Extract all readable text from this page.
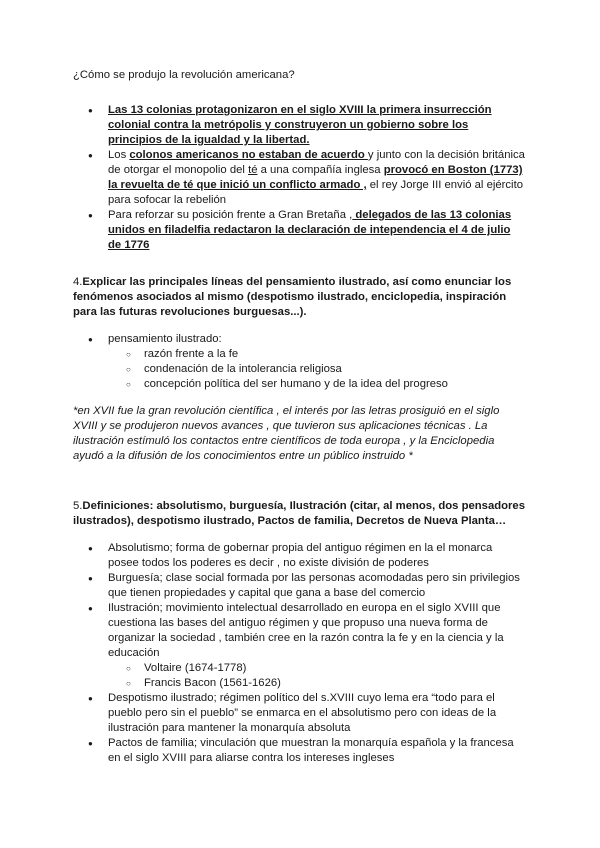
¿Cómo se produjo la revolución americana?

● Las 13 colonias protagonizaron en el siglo XVIII la primera insurrección colonial contra la metrópolis y construyeron un gobierno sobre los principios de la igualdad y la libertad.
● Los colonos americanos no estaban de acuerdo y junto con la decisión británica de otorgar el monopolio del té a una compañía inglesa provocó en Boston (1773) la revuelta de té que inició un conflicto armado , el rey Jorge III envió al ejército para sofocar la rebelión
● Para reforzar su posición frente a Gran Bretaña , delegados de las 13 colonias unidos en filadelfia redactaron la declaración de intependencia el 4 de julio de 1776

4.Explicar las principales líneas del pensamiento ilustrado, así como enunciar los fenómenos asociados al mismo (despotismo ilustrado, enciclopedia, inspiración para las futuras revoluciones burguesas...).

● pensamiento ilustrado:
○ razón frente a la fe
○ condenación de la intolerancia religiosa
○ concepción política del ser humano y de la idea del progreso

*en XVII fue la gran revolución científica , el interés por las letras prosiguió en el siglo XVIII y se produjeron nuevos avances , que tuvieron sus aplicaciones técnicas . La ilustración estímuló los contactos entre científicos de toda europa , y la Enciclopedia ayudó a la difusión de los conocimientos entre un público instruido *

5.Definiciones: absolutismo, burguesía, Ilustración (citar, al menos, dos pensadores ilustrados), despotismo ilustrado, Pactos de familia, Decretos de Nueva Planta…

● Absolutismo; forma de gobernar propia del antiguo régimen en la el monarca posee todos los poderes es decir , no existe división de poderes
● Burguesía; clase social formada por las personas acomodadas pero sin privilegios que tienen propiedades y capital que gana a base del comercio
● Ilustración; movimiento intelectual desarrollado en europa en el siglo XVIII que cuestiona las bases del antiguo régimen y que propuso una nueva forma de organizar la sociedad , también cree en la razón contra la fe y en la ciencia y la educación
○ Voltaire (1674-1778)
○ Francis Bacon (1561-1626)
● Despotismo ilustrado; régimen político del s.XVIII cuyo lema era “todo para el pueblo pero sin el pueblo” se enmarca en el absolutismo pero con ideas de la ilustración para mantener la monarquía absoluta
● Pactos de familia; vinculación que muestran la monarquía española y la francesa en el siglo XVIII para aliarse contra los intereses ingleses
